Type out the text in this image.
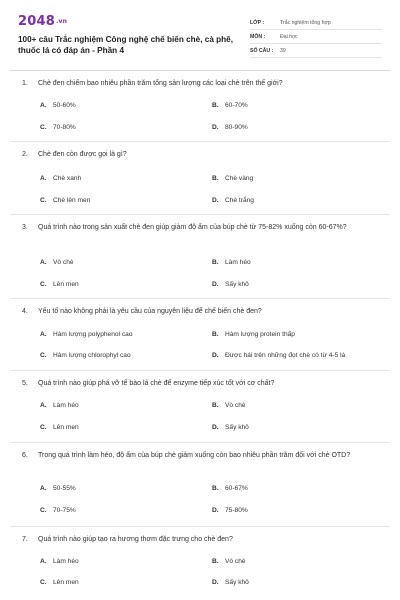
2048.vn
100+ câu Trắc nghiệm Công nghệ chế biến chè, cà phê, thuốc lá có đáp án - Phần 4
LỚP :	Trắc nghiệm tổng hợp
MÔN :	Đại học
SỐ CÂU :	39
1. Chè đen chiếm bao nhiêu phần trăm tổng sản lượng các loại chè trên thế giới?
A. 50-60%	B. 60-70%
C. 70-80%	D. 80-90%
2. Chè đen còn được gọi là gì?
A. Chè xanh	B. Chè vàng
C. Chè lên men	D. Chè trắng
3. Quá trình nào trong sản xuất chè đen giúp giảm độ ẩm của búp chè từ 75-82% xuống còn 60-67%?
A. Vò chè	B. Làm héo
C. Lên men	D. Sấy khô
4. Yếu tố nào không phải là yêu cầu của nguyên liệu để chế biến chè đen?
A. Hàm lượng polyphenol cao	B. Hàm lượng protein thấp
C. Hàm lượng chlorophyl cao	D. Được hái trên những đọt chè có từ 4-5 lá
5. Quá trình nào giúp phá vỡ tế bào lá chè để enzyme tiếp xúc tốt với cơ chất?
A. Làm héo	B. Vò chè
C. Lên men	D. Sấy khô
6. Trong quá trình làm héo, độ ẩm của búp chè giảm xuống còn bao nhiêu phần trăm đối với chè OTD?
A. 50-55%	B. 60-67%
C. 70-75%	D. 75-80%
7. Quá trình nào giúp tạo ra hương thơm đặc trưng cho chè đen?
A. Làm héo	B. Vò chè
C. Lên men	D. Sấy khô
